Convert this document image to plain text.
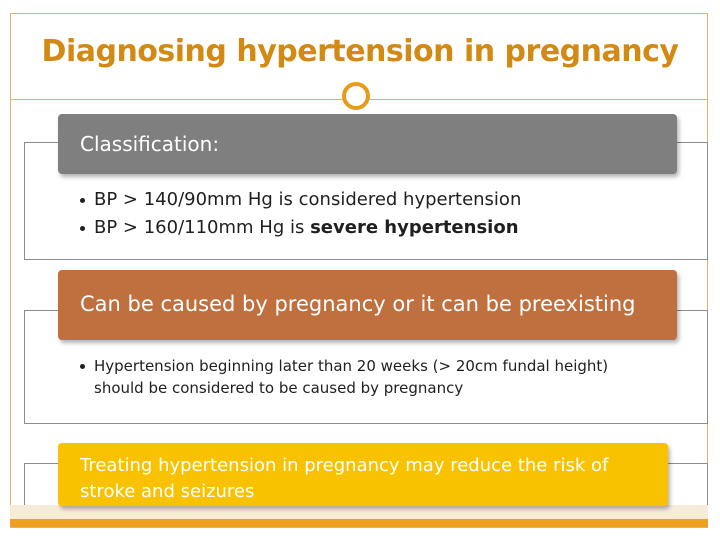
Diagnosing hypertension in pregnancy
Classification:
BP > 140/90mm Hg is considered hypertension
BP > 160/110mm Hg is severe hypertension
Can be caused by pregnancy or it can be preexisting
Hypertension beginning later than 20 weeks (> 20cm fundal height) should be considered to be caused by pregnancy
Treating hypertension in pregnancy may reduce the risk of stroke and seizures
